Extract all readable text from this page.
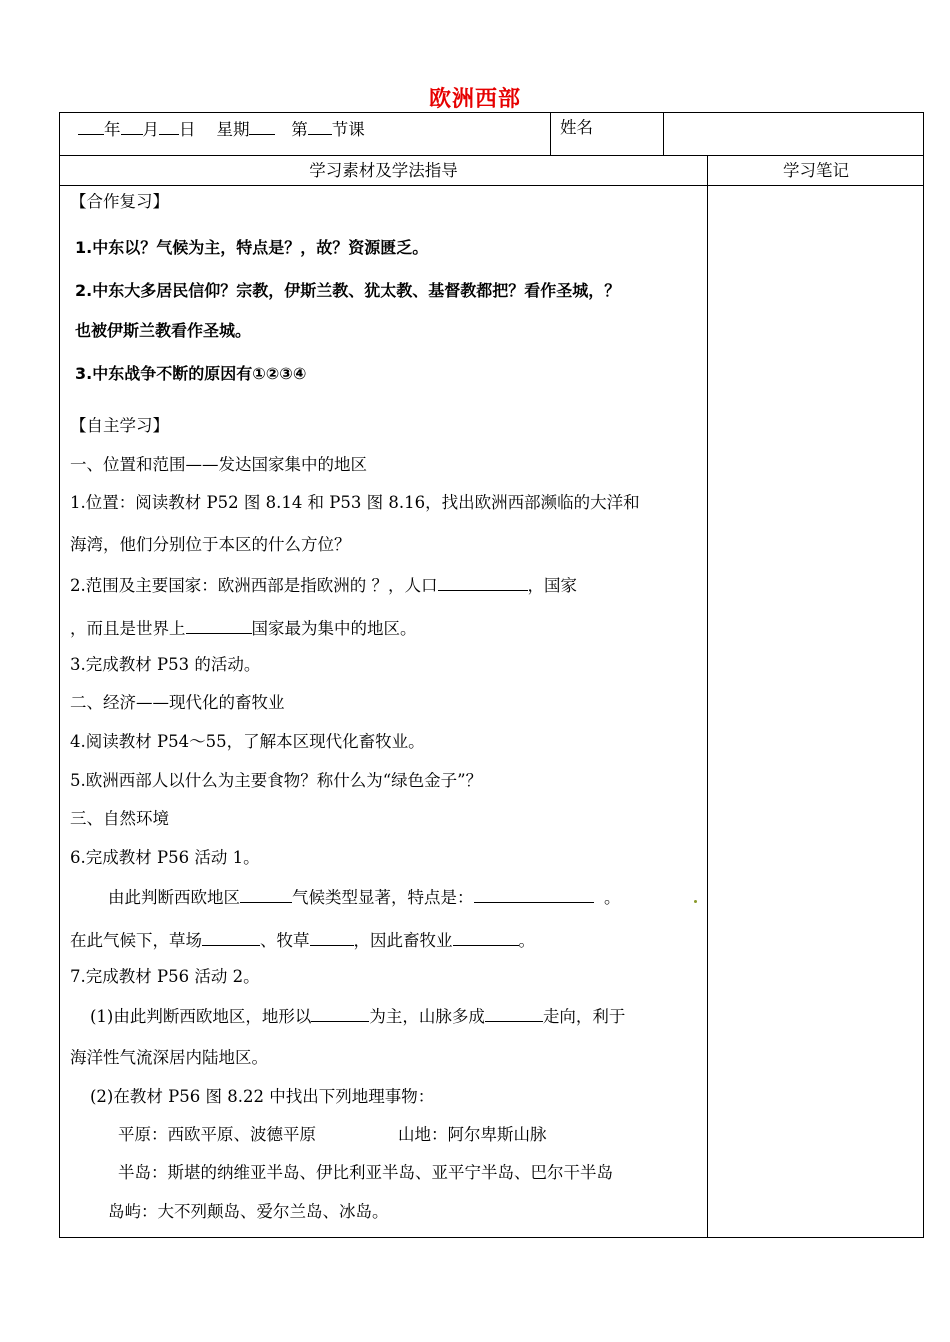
欧洲西部
年 月 日 星期	第 节课	姓名
学习素材及学法指导	学习笔记
【合作复习】
1.中东以？气候为主，特点是？，故？资源匮乏。
2.中东大多居民信仰？宗教，伊斯兰教、犹太教、基督教都把？看作圣城，？
也被伊斯兰教看作圣城。
3.中东战争不断的原因有①②③④
【自主学习】
一、位置和范围——发达国家集中的地区
1.位置：阅读教材 P52 图 8.14 和 P53 图 8.16，找出欧洲西部濒临的大洋和
海湾，他们分别位于本区的什么方位？
2.范围及主要国家：欧洲西部是指欧洲的 ？，人口	，国家
，而且是世界上	国家最为集中的地区。
3.完成教材 P53 的活动。
二、经济——现代化的畜牧业
4.阅读教材 P54～55，了解本区现代化畜牧业。
5.欧洲西部人以什么为主要食物？称什么为“绿色金子”？
三、自然环境
6.完成教材 P56 活动 1。
由此判断西欧地区	气候类型显著，特点是：	。
在此气候下，草场	、牧草	，因此畜牧业	。
7.完成教材 P56 活动 2。
(1)由此判断西欧地区，地形以	为主，山脉多成	走向，利于
海洋性气流深居内陆地区。
(2)在教材 P56 图 8.22 中找出下列地理事物：
平原：西欧平原、波德平原	山地：阿尔卑斯山脉
半岛：斯堪的纳维亚半岛、伊比利亚半岛、亚平宁半岛、巴尔干半岛
岛屿：大不列颠岛、爱尔兰岛、冰岛。
